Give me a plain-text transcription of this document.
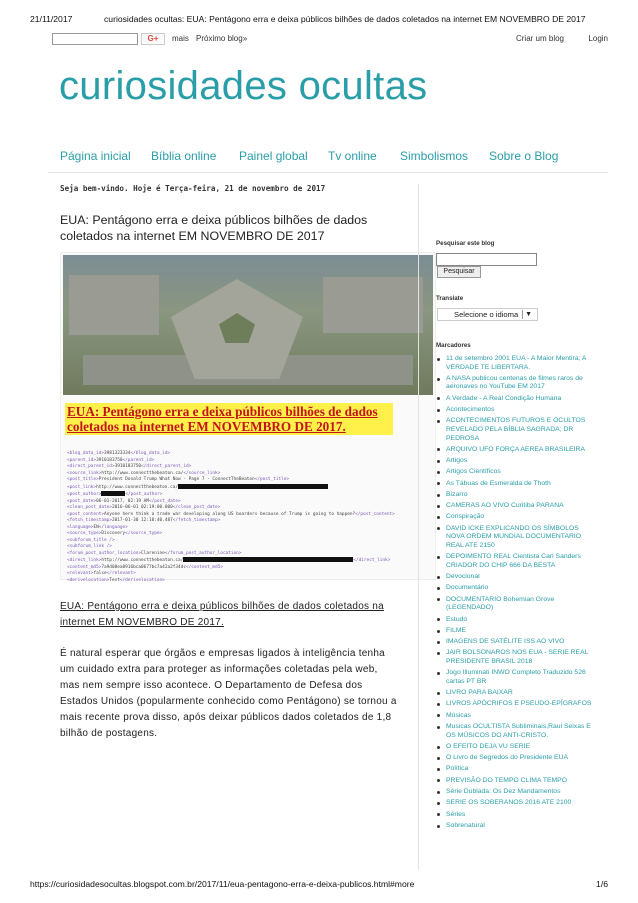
21/11/2017	curiosidades ocultas: EUA: Pentágono erra e deixa públicos bilhões de dados coletados na internet EM NOVEMBRO DE 2017
G+	mais Próximo blog»	Criar um blog	Login
curiosidades ocultas
Página inicial Bíblia online Painel global Tv online Simbolismos Sobre o Blog
Seja bem-vindo. Hoje é Terça-feira, 21 de novembro de 2017
EUA: Pentágono erra e deixa públicos bilhões de dados coletados na internet EM NOVEMBRO DE 2017
EUA: Pentágono erra e deixa públicos bilhões de dados coletados na internet EM NOVEMBRO DE 2017.
<blog_data_id>3981323334</blog_data_id>
<parent_id>3910183750</parent_id>
<direct_parent_id>3910183750</direct_parent_id>
<source_link>http://www.connectthebeaton.ca/</source_link>
<post_title>President Donald Trump What Now - Page 7 - ConnectTheBeaton</post_title>
<post_link>http://www.connectthebeaton.ca/
<post_author>	</post_author>
<post_date>06-01-2017, 02:19 AM</post_date>
<clean_post_date>2016-06-01 02:19:00.000</clean_post_date>
<post_content>Anyone here think a trade war developing along US boarders because of Trump is going to happen?</post_content>
<fetch_timestamp>2017-01-30 12:10:40.487</fetch_timestamp>
<language>EN</language>
<source_type>Discovery</source_type>
<subforum_title />
<subforum_link />
<forum_post_author_location>Clarenine</forum_post_author_location>
<direct_link>http://www.connectthebeaton.ca/	</direct_link>
<content_md5>7a9d08ea0916bca0677bc7a42a2f34dc</content_md5>
<relevant>false</relevant>
<derivelocation>Test</derivelocation>
EUA: Pentágono erra e deixa públicos bilhões de dados coletados na internet EM NOVEMBRO DE 2017.

É natural esperar que órgãos e empresas ligados à inteligência tenha um cuidado extra para proteger as informações coletadas pela web, mas nem sempre isso acontece. O Departamento de Defesa dos Estados Unidos (popularmente conhecido como Pentágono) se tornou a mais recente prova disso, após deixar públicos dados coletados de 1,8 bilhão de postagens.

Pesquisar este blog
Pesquisar
Translate
Selecione o idioma ▼
Marcadores
11 de setembro 2001 EUA - A Maior Mentira; A VERDADE TE LIBERTARA.
A NASA publicou centenas de filmes raros de aeronaves no YouTube EM 2017
A Verdade - A Real Condição Humana
Acontecimentos
ACONTECIMENTOS FUTUROS E OCULTOS REVELADO PELA BÍBLIA SAGRADA; DR PEDROSA
ARQUIVO UFO FORÇA AEREA BRASILEIRA
Artigos
Artigos Científicos
As Tábuas de Esmeralda de Thoth
Bizarro
CAMERAS AO VIVO Curitiba PARANA
Conspiração
DAVID ICKE EXPLICANDO OS SÍMBOLOS NOVA ORDEM MUNDIAL DOCUMENTARIO REAL ATE 2150
DEPOIMENTO REAL Cientista Carl Sanders CRIADOR DO CHIP 666 DA BESTA
Devocional
Documentário
DOCUMENTARIO Bohemian Grove (LEGENDADO)
Estudo
FILME
IMAGENS DE SATÉLITE ISS AO VIVO
JAIR BOLSONAROS NOS EUA - SERIE REAL PRESIDENTE BRASIL 2018
Jogo Illuminati INWO Completo Traduzido 526 cartas PT BR
LIVRO PARA BAIXAR
LIVROS APÓCRIFOS E PSEUDO-EPÍGRAFOS
Músicas
Musicas OCULTISTA Subliminais,Raul Seixas E OS MÚSICOS DO ANTI-CRISTO.
O EFEITO DEJA VU SERIE
O Livro de Segredos do Presidente EUA
Política
PREVISÃO DO TEMPO CLIMA TEMPO
Série Dublada: Os Dez Mandamentos
SERIE OS SOBERANOS 2016 ATE 2100
Séries
Sobrenatural
https://curiosidadesocultas.blogspot.com.br/2017/11/eua-pentagono-erra-e-deixa-publicos.html#more	1/6
